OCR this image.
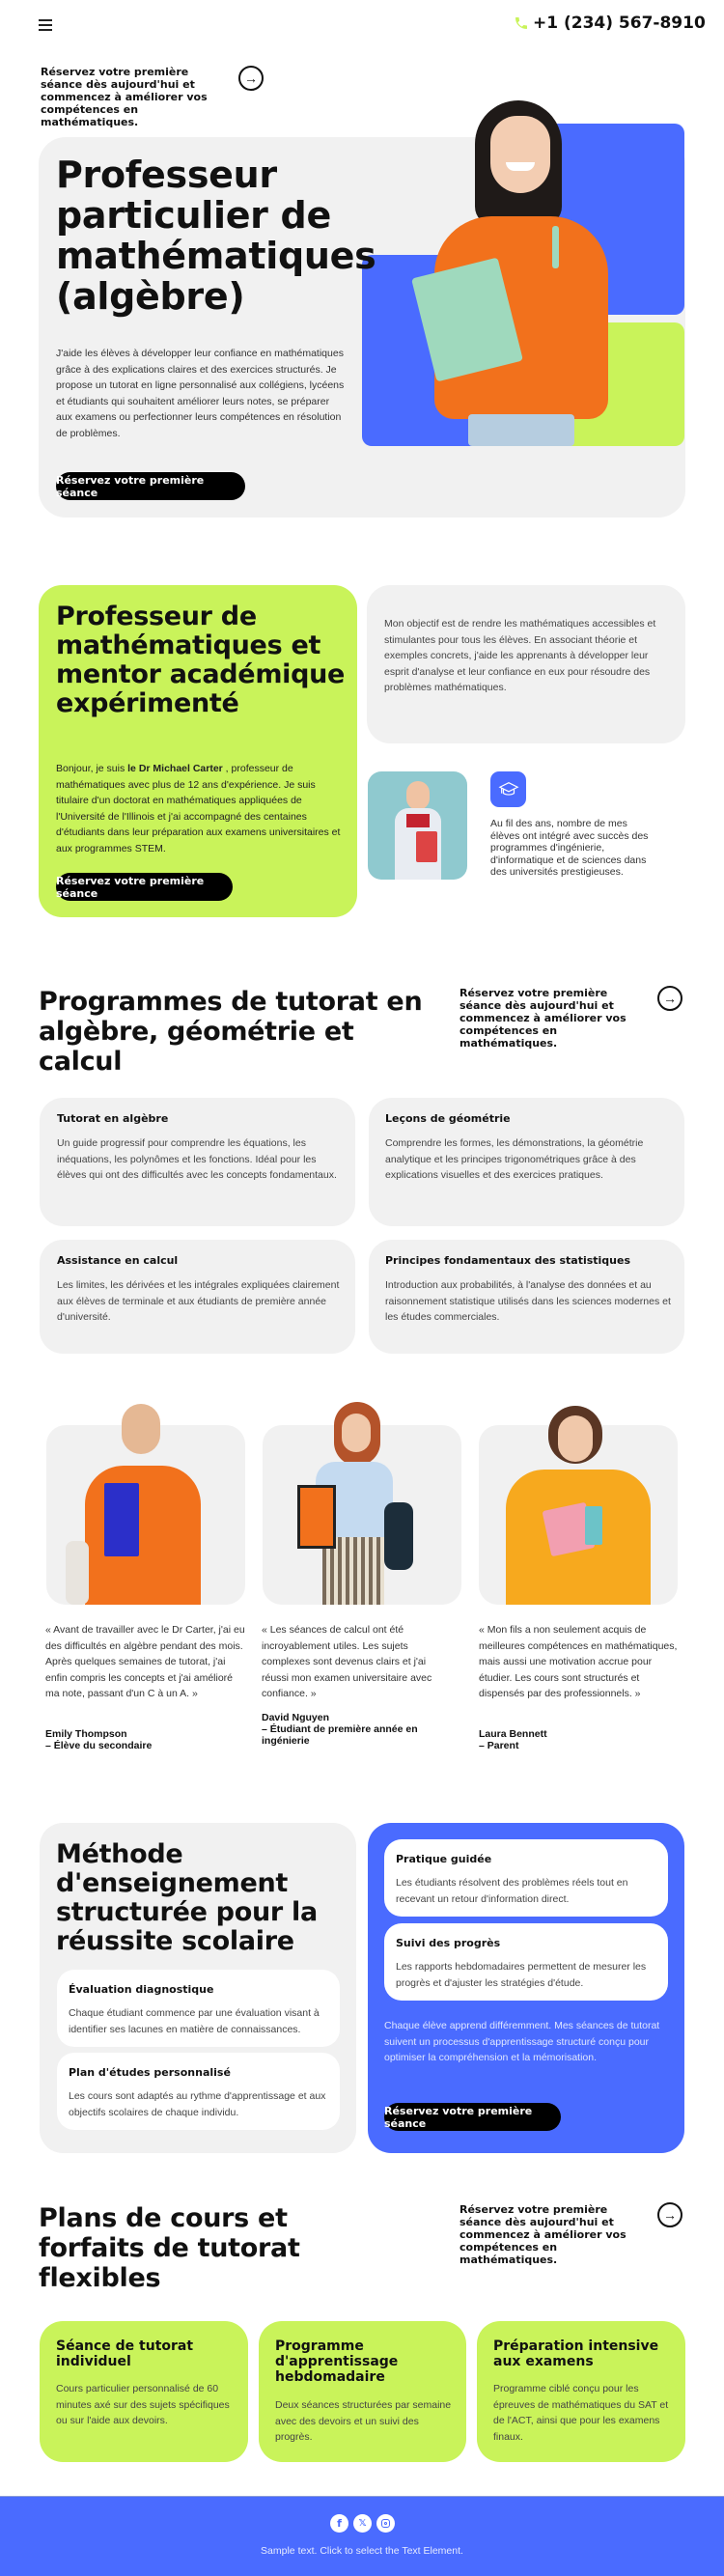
+1 (234) 567-8910
Réservez votre première séance dès aujourd'hui et commencez à améliorer vos compétences en mathématiques.
→
Professeur particulier de mathématiques (algèbre)
J'aide les élèves à développer leur confiance en mathématiques grâce à des explications claires et des exercices structurés. Je propose un tutorat en ligne personnalisé aux collégiens, lycéens et étudiants qui souhaitent améliorer leurs notes, se préparer aux examens ou perfectionner leurs compétences en résolution de problèmes.
Réservez votre première séance
Professeur de mathématiques et mentor académique expérimenté
Bonjour, je suis le Dr Michael Carter , professeur de mathématiques avec plus de 12 ans d'expérience. Je suis titulaire d'un doctorat en mathématiques appliquées de l'Université de l'Illinois et j'ai accompagné des centaines d'étudiants dans leur préparation aux examens universitaires et aux programmes STEM.
Réservez votre première séance
Mon objectif est de rendre les mathématiques accessibles et stimulantes pour tous les élèves. En associant théorie et exemples concrets, j'aide les apprenants à développer leur esprit d'analyse et leur confiance en eux pour résoudre des problèmes mathématiques.
Au fil des ans, nombre de mes élèves ont intégré avec succès des programmes d'ingénierie, d'informatique et de sciences dans des universités prestigieuses.
Programmes de tutorat en algèbre, géométrie et calcul
Réservez votre première séance dès aujourd'hui et commencez à améliorer vos compétences en mathématiques.
→
Tutorat en algèbre
Un guide progressif pour comprendre les équations, les inéquations, les polynômes et les fonctions. Idéal pour les élèves qui ont des difficultés avec les concepts fondamentaux.
Leçons de géométrie
Comprendre les formes, les démonstrations, la géométrie analytique et les principes trigonométriques grâce à des explications visuelles et des exercices pratiques.
Assistance en calcul
Les limites, les dérivées et les intégrales expliquées clairement aux élèves de terminale et aux étudiants de première année d'université.
Principes fondamentaux des statistiques
Introduction aux probabilités, à l'analyse des données et au raisonnement statistique utilisés dans les sciences modernes et les études commerciales.
« Avant de travailler avec le Dr Carter, j'ai eu des difficultés en algèbre pendant des mois. Après quelques semaines de tutorat, j'ai enfin compris les concepts et j'ai amélioré ma note, passant d'un C à un A. »
Emily Thompson
– Élève du secondaire
« Les séances de calcul ont été incroyablement utiles. Les sujets complexes sont devenus clairs et j'ai réussi mon examen universitaire avec confiance. »
David Nguyen
– Étudiant de première année en ingénierie
« Mon fils a non seulement acquis de meilleures compétences en mathématiques, mais aussi une motivation accrue pour étudier. Les cours sont structurés et dispensés par des professionnels. »
Laura Bennett
– Parent
Méthode d'enseignement structurée pour la réussite scolaire
Évaluation diagnostique
Chaque étudiant commence par une évaluation visant à identifier ses lacunes en matière de connaissances.
Plan d'études personnalisé
Les cours sont adaptés au rythme d'apprentissage et aux objectifs scolaires de chaque individu.
Pratique guidée
Les étudiants résolvent des problèmes réels tout en recevant un retour d'information direct.
Suivi des progrès
Les rapports hebdomadaires permettent de mesurer les progrès et d'ajuster les stratégies d'étude.
Chaque élève apprend différemment. Mes séances de tutorat suivent un processus d'apprentissage structuré conçu pour optimiser la compréhension et la mémorisation.
Réservez votre première séance
Plans de cours et forfaits de tutorat flexibles
Réservez votre première séance dès aujourd'hui et commencez à améliorer vos compétences en mathématiques.
→
Séance de tutorat individuel
Cours particulier personnalisé de 60 minutes axé sur des sujets spécifiques ou sur l'aide aux devoirs.
Programme d'apprentissage hebdomadaire
Deux séances structurées par semaine avec des devoirs et un suivi des progrès.
Préparation intensive aux examens
Programme ciblé conçu pour les épreuves de mathématiques du SAT et de l'ACT, ainsi que pour les examens finaux.
f	𝕏
Sample text. Click to select the Text Element.
